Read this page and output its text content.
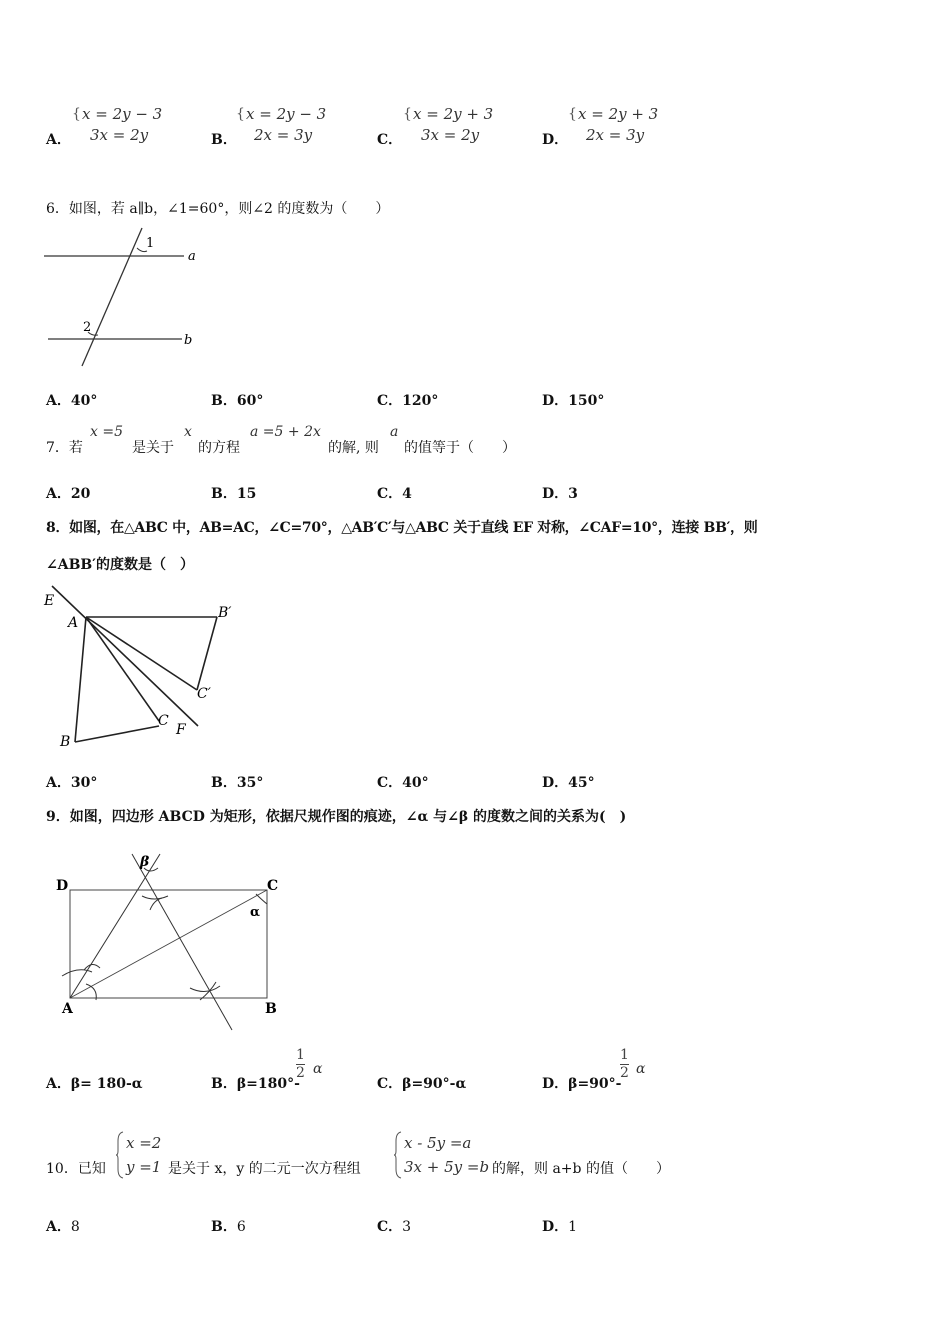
A．
{ x = 2y − 3
3x = 2y	B．
{ x = 2y − 3
2x = 3y	C．
{ x = 2y + 3
3x = 2y	D．
{ x = 2y + 3
2x = 3y
6．如图，若 a∥b，∠1=60°，则∠2 的度数为（　　）
1
2
a
b
A．40°	B．60°	C．120°	D．150°
7．若
x =5
是关于
x
的方程
a =5 + 2x
的解, 则
a
的值等于（　　）
A．20	B．15	C．4	D．3
8．如图，在△ABC 中，AB=AC，∠C=70°，△AB′C′与△ABC 关于直线 EF 对称，∠CAF=10°，连接 BB′，则
∠ABB′的度数是（　）
E
A
B′
C′
C
F
B
A．30°	B．35°	C．40°	D．45°
9．如图，四边形 ABCD 为矩形，依据尺规作图的痕迹，∠α 与∠β 的度数之间的关系为(　)
D	C
A	B
α
β
A．β= 180-α	B．β=180°-
$\frac{1}{2}$ α
C．β=90°-α	D．β=90°-
$\frac{1}{2}$ α
10．已知
x =2
y =1 是关于 x，y 的二元一次方程组
x - 5y =a
3x + 5y =b 的解，则 a+b 的值（　　）
A．8	B．6	C．3	D．1
